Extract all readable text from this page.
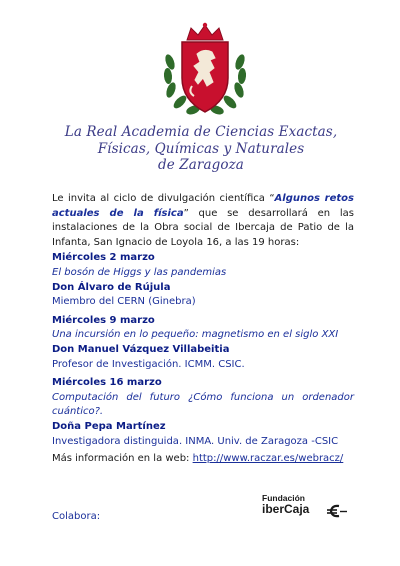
La Real Academia de Ciencias Exactas,
Físicas, Químicas y Naturales
de Zaragoza

Le invita al ciclo de divulgación científica “Algunos retos actuales de la física” que se desarrollará en las instalaciones de la Obra social de Ibercaja de Patio de la Infanta, San Ignacio de Loyola 16, a las 19 horas:

Miércoles 2 marzo
El bosón de Higgs y las pandemias
Don Álvaro de Rújula
Miembro del CERN (Ginebra)
Miércoles 9 marzo
Una incursión en lo pequeño: magnetismo en el siglo XXI
Don Manuel Vázquez Villabeitia
Profesor de Investigación. ICMM. CSIC.
Miércoles 16 marzo
Computación del futuro ¿Cómo funciona un ordenador cuántico?.
Doña Pepa Martínez
Investigadora distinguida. INMA. Univ. de Zaragoza -CSIC
Más información en la web: http://www.raczar.es/webracz/
Colabora:
Fundación
iberCaja
